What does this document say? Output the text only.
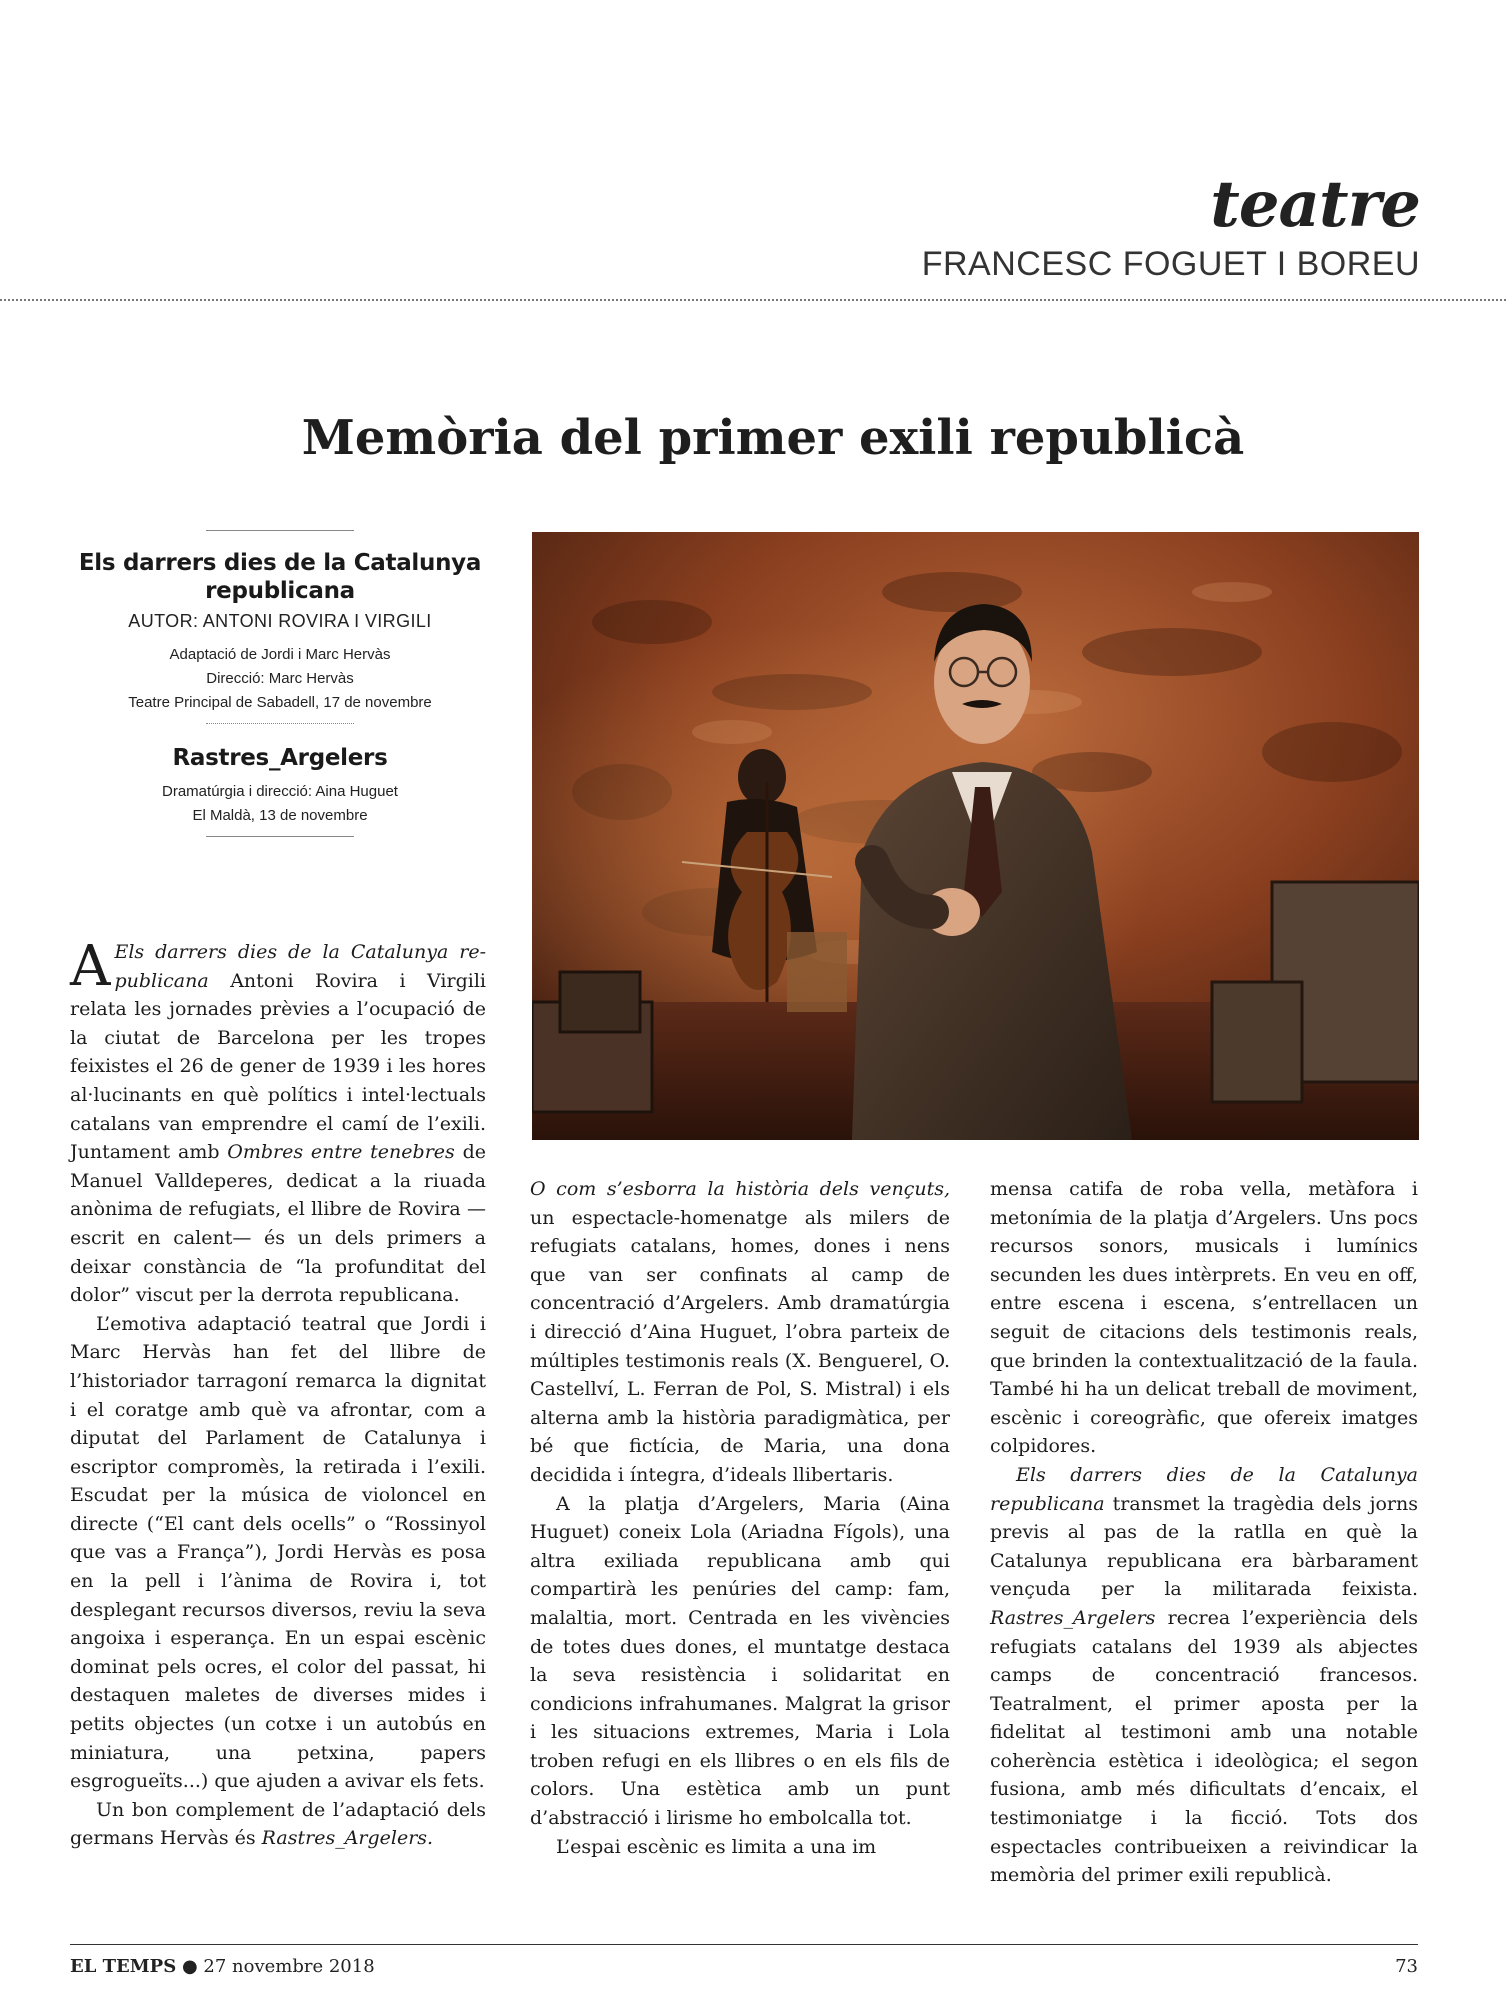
teatre
FRANCESC FOGUET I BOREU
Memòria del primer exili republicà
Els darrers dies de la Catalunya republicana
AUTOR: ANTONI ROVIRA I VIRGILI
Adaptació de Jordi i Marc Hervàs
Direcció: Marc Hervàs
Teatre Principal de Sabadell, 17 de novembre
Rastres_Argelers
Dramatúrgia i direcció: Aina Huguet
El Maldà, 13 de novembre

A Els darrers dies de la Catalunya republicana Antoni Rovira i Virgili relata les jornades prèvies a l’ocupació de la ciutat de Barcelona per les tropes feixistes el 26 de gener de 1939 i les hores al·lucinants en què polítics i intel·lectuals catalans van emprendre el camí de l’exili. Juntament amb Ombres entre tenebres de Manuel Valldeperes, dedicat a la riuada anònima de refugiats, el llibre de Rovira —escrit en calent— és un dels primers a deixar constància de “la profunditat del dolor” viscut per la derrota republicana.

L’emotiva adaptació teatral que Jordi i Marc Hervàs han fet del llibre de l’historiador tarragoní remarca la dignitat i el coratge amb què va afrontar, com a diputat del Parlament de Catalunya i escriptor compromès, la retirada i l’exili. Escudat per la música de violoncel en directe (“El cant dels ocells” o “Rossinyol que vas a França”), Jordi Hervàs es posa en la pell i l’ànima de Rovira i, tot desplegant recursos diversos, reviu la seva angoixa i esperança. En un espai escènic dominat pels ocres, el color del passat, hi destaquen maletes de diverses mides i petits objectes (un cotxe i un autobús en miniatura, una petxina, papers esgrogueïts...) que ajuden a avivar els fets.

Un bon complement de l’adaptació dels germans Hervàs és Rastres_Argelers.

O com s’esborra la història dels vençuts, un espectacle-homenatge als milers de refugiats catalans, homes, dones i nens que van ser confinats al camp de concentració d’Argelers. Amb dramatúrgia i direcció d’Aina Huguet, l’obra parteix de múltiples testimonis reals (X. Benguerel, O. Castellví, L. Ferran de Pol, S. Mistral) i els alterna amb la història paradigmàtica, per bé que fictícia, de Maria, una dona decidida i íntegra, d’ideals llibertaris.

A la platja d’Argelers, Maria (Aina Huguet) coneix Lola (Ariadna Fígols), una altra exiliada republicana amb qui compartirà les penúries del camp: fam, malaltia, mort. Centrada en les vivències de totes dues dones, el muntatge destaca la seva resistència i solidaritat en condicions infrahumanes. Malgrat la grisor i les situacions extremes, Maria i Lola troben refugi en els llibres o en els fils de colors. Una estètica amb un punt d’abstracció i lirisme ho embolcalla tot.

L’espai escènic es limita a una im

mensa catifa de roba vella, metàfora i metonímia de la platja d’Argelers. Uns pocs recursos sonors, musicals i lumínics secunden les dues intèrprets. En veu en off, entre escena i escena, s’entrellacen un seguit de citacions dels testimonis reals, que brinden la contextualització de la faula. També hi ha un delicat treball de moviment, escènic i coreogràfic, que ofereix imatges colpidores.

Els darrers dies de la Catalunya republicana transmet la tragèdia dels jorns previs al pas de la ratlla en què la Catalunya republicana era bàrbarament vençuda per la militarada feixista. Rastres_Argelers recrea l’experiència dels refugiats catalans del 1939 als abjectes camps de concentració francesos. Teatralment, el primer aposta per la fidelitat al testimoni amb una notable coherència estètica i ideològica; el segon fusiona, amb més dificultats d’encaix, el testimoniatge i la ficció. Tots dos espectacles contribueixen a reivindicar la memòria del primer exili republicà.

EL TEMPS ● 27 novembre 2018	73
